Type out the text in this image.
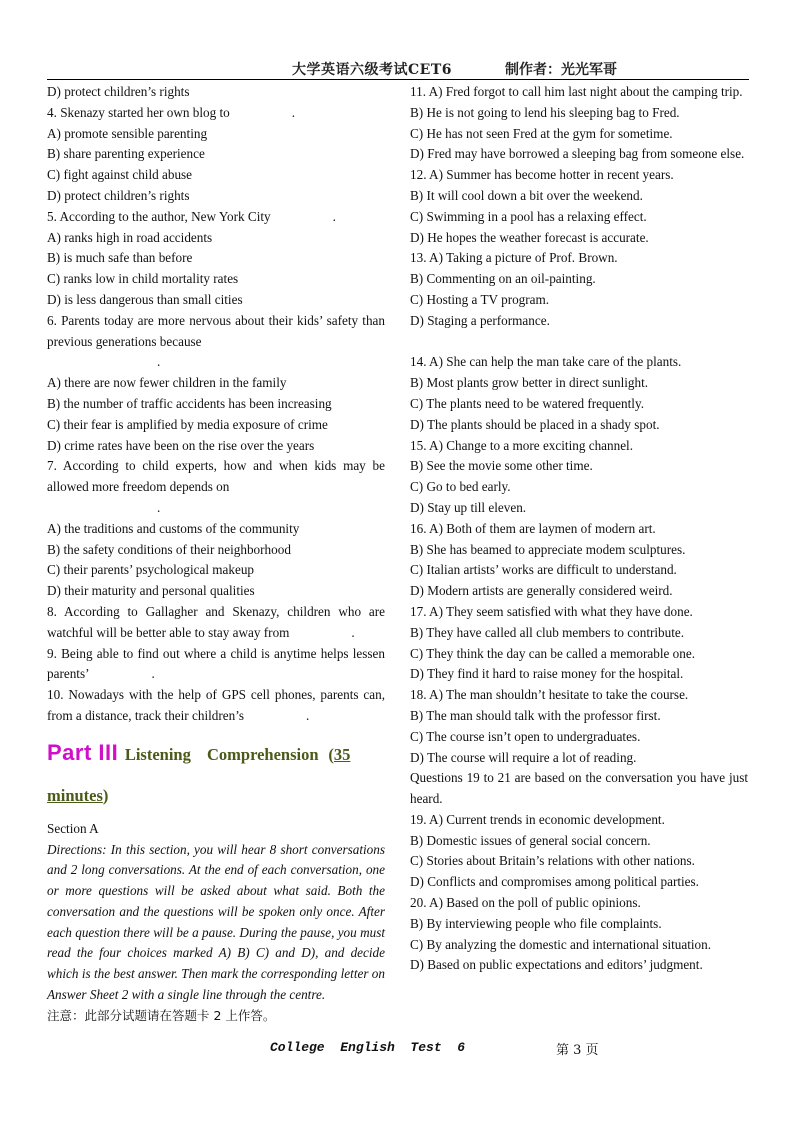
大学英语六级考试CET6	制作者：光光军哥

D) protect children’s rights

4. Skenazy started her own blog to	.

A) promote sensible parenting

B) share parenting experience

C) fight against child abuse

D) protect children’s rights

5. According to the author, New York City	.

A) ranks high in road accidents

B) is much safe than before

C) ranks low in child mortality rates

D) is less dangerous than small cities

6. Parents today are more nervous about their kids’ safety than previous generations because

.

A) there are now fewer children in the family

B) the number of traffic accidents has been increasing

C) their fear is amplified by media exposure of crime

D) crime rates have been on the rise over the years

7. According to child experts, how and when kids may be allowed more freedom depends on

.

A) the traditions and customs of the community

B) the safety conditions of their neighborhood

C) their parents’ psychological makeup

D) their maturity and personal qualities

8. According to Gallagher and Skenazy, children who are watchful will be better able to stay away from	.

9. Being able to find out where a child is anytime helps lessen parents’	.

10. Nowadays with the help of GPS cell phones, parents can, from a distance, track their children’s	.

Part III Listening Comprehension (35
minutes)

Section A

Directions: In this section, you will hear 8 short conversations and 2 long conversations. At the end of each conversation, one or more questions will be asked about what said. Both the conversation and the questions will be spoken only once. After each question there will be a pause. During the pause, you must read the four choices marked A) B) C) and D), and decide which is the best answer. Then mark the corresponding letter on Answer Sheet 2 with a single line through the centre.

注意：此部分试题请在答题卡 2 上作答。

11. A) Fred forgot to call him last night about the camping trip.

B) He is not going to lend his sleeping bag to Fred.

C) He has not seen Fred at the gym for sometime.

D) Fred may have borrowed a sleeping bag from someone else.

12. A) Summer has become hotter in recent years.

B) It will cool down a bit over the weekend.

C) Swimming in a pool has a relaxing effect.

D) He hopes the weather forecast is accurate.

13. A) Taking a picture of Prof. Brown.

B) Commenting on an oil-painting.

C) Hosting a TV program.

D) Staging a performance.

14. A) She can help the man take care of the plants.

B) Most plants grow better in direct sunlight.

C) The plants need to be watered frequently.

D) The plants should be placed in a shady spot.

15. A) Change to a more exciting channel.

B) See the movie some other time.

C) Go to bed early.

D) Stay up till eleven.

16. A) Both of them are laymen of modern art.

B) She has beamed to appreciate modem sculptures.

C) Italian artists’ works are difficult to understand.

D) Modern artists are generally considered weird.

17. A) They seem satisfied with what they have done.

B) They have called all club members to contribute.

C) They think the day can be called a memorable one.

D) They find it hard to raise money for the hospital.

18. A) The man shouldn’t hesitate to take the course.

B) The man should talk with the professor first.

C) The course isn’t open to undergraduates.

D) The course will require a lot of reading.

Questions 19 to 21 are based on the conversation you have just heard.

19. A) Current trends in economic development.

B) Domestic issues of general social concern.

C) Stories about Britain’s relations with other nations.

D) Conflicts and compromises among political parties.

20. A) Based on the poll of public opinions.

B) By interviewing people who file complaints.

C) By analyzing the domestic and international situation.

D) Based on public expectations and editors’ judgment.

College  English  Test  6	第 3 页
